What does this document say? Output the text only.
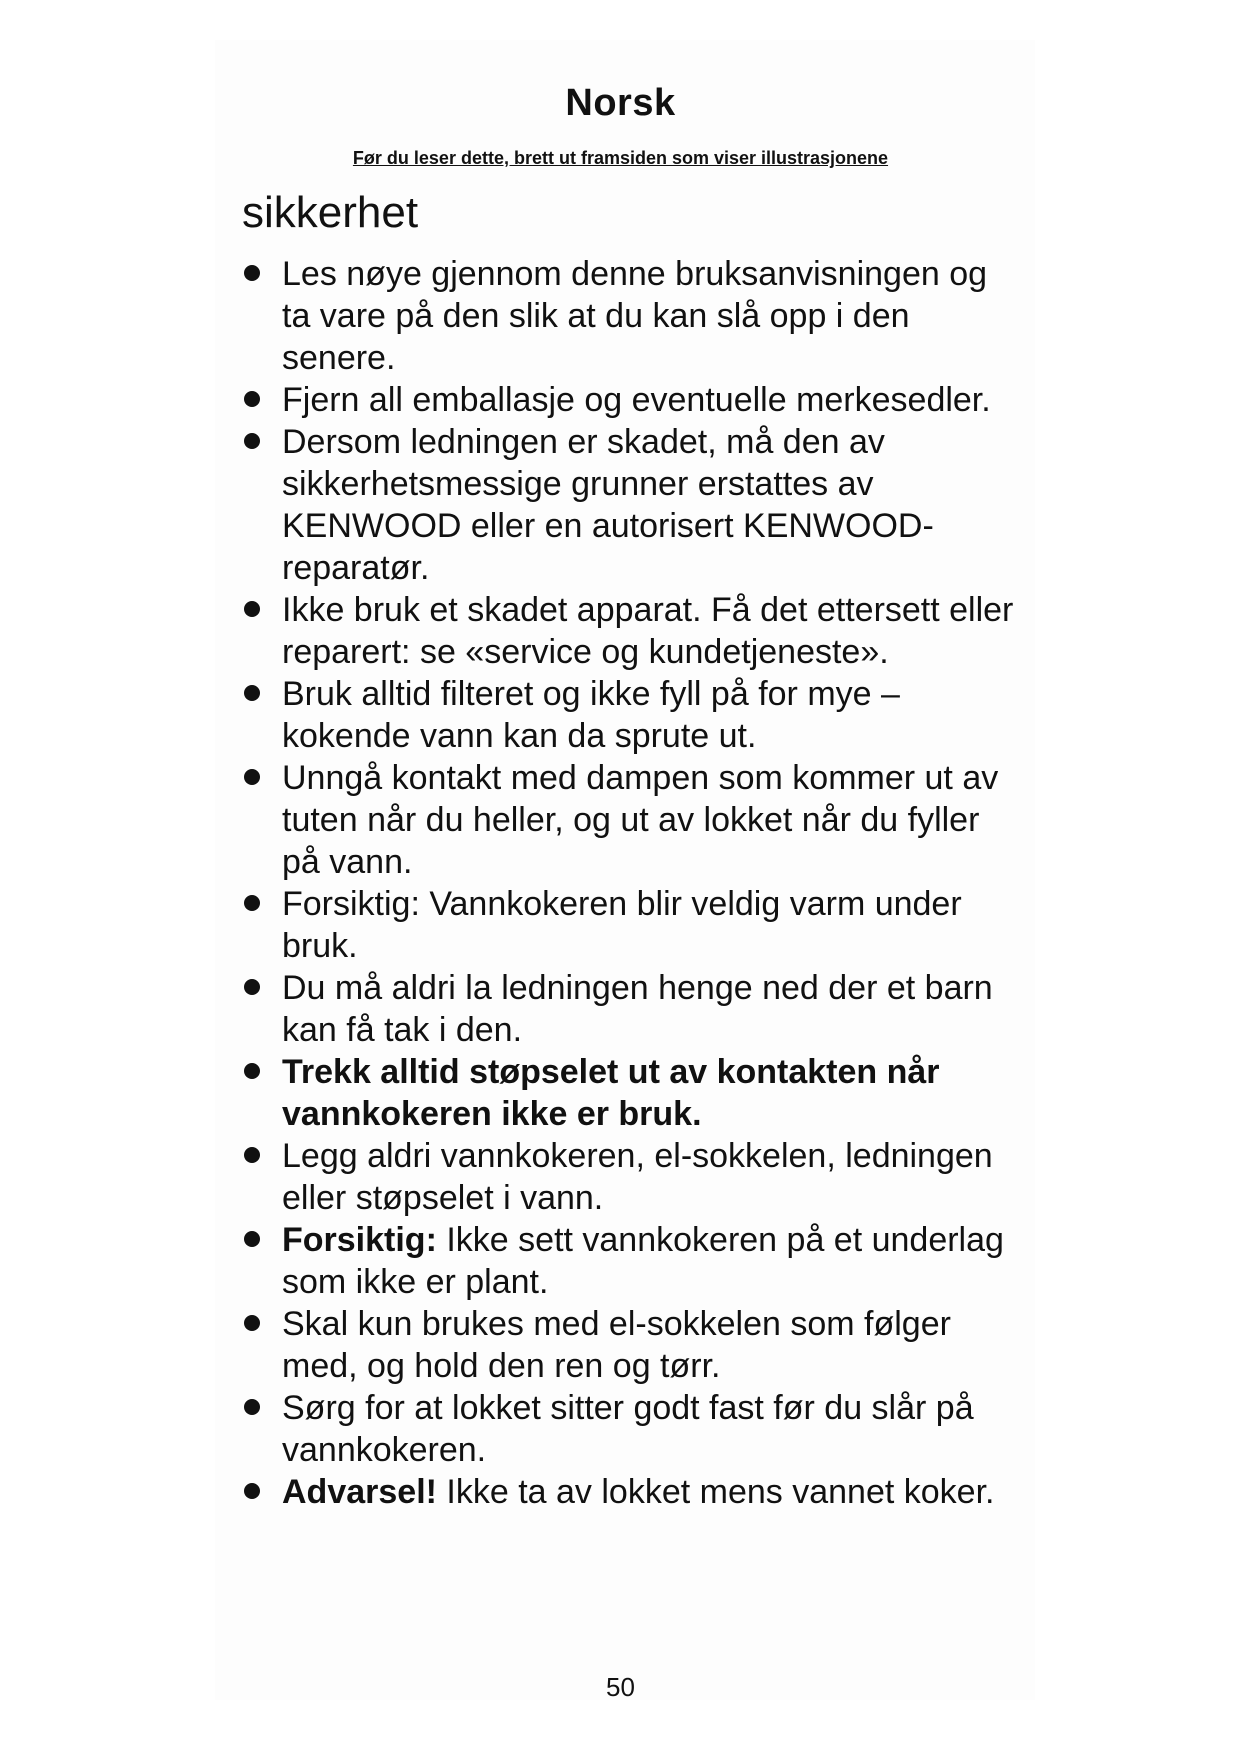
Norsk
Før du leser dette, brett ut framsiden som viser illustrasjonene
sikkerhet
Les nøye gjennom denne bruksanvisningen og ta vare på den slik at du kan slå opp i den senere.
Fjern all emballasje og eventuelle merkesedler.
Dersom ledningen er skadet, må den av sikkerhetsmessige grunner erstattes av KENWOOD eller en autorisert KENWOOD-reparatør.
Ikke bruk et skadet apparat. Få det ettersett eller reparert: se «service og kundetjeneste».
Bruk alltid filteret og ikke fyll på for mye – kokende vann kan da sprute ut.
Unngå kontakt med dampen som kommer ut av tuten når du heller, og ut av lokket når du fyller på vann.
Forsiktig: Vannkokeren blir veldig varm under bruk.
Du må aldri la ledningen henge ned der et barn kan få tak i den.
Trekk alltid støpselet ut av kontakten når vannkokeren ikke er bruk.
Legg aldri vannkokeren, el-sokkelen, ledningen eller støpselet i vann.
Forsiktig: Ikke sett vannkokeren på et underlag som ikke er plant.
Skal kun brukes med el-sokkelen som følger med, og hold den ren og tørr.
Sørg for at lokket sitter godt fast før du slår på vannkokeren.
Advarsel! Ikke ta av lokket mens vannet koker.
50
